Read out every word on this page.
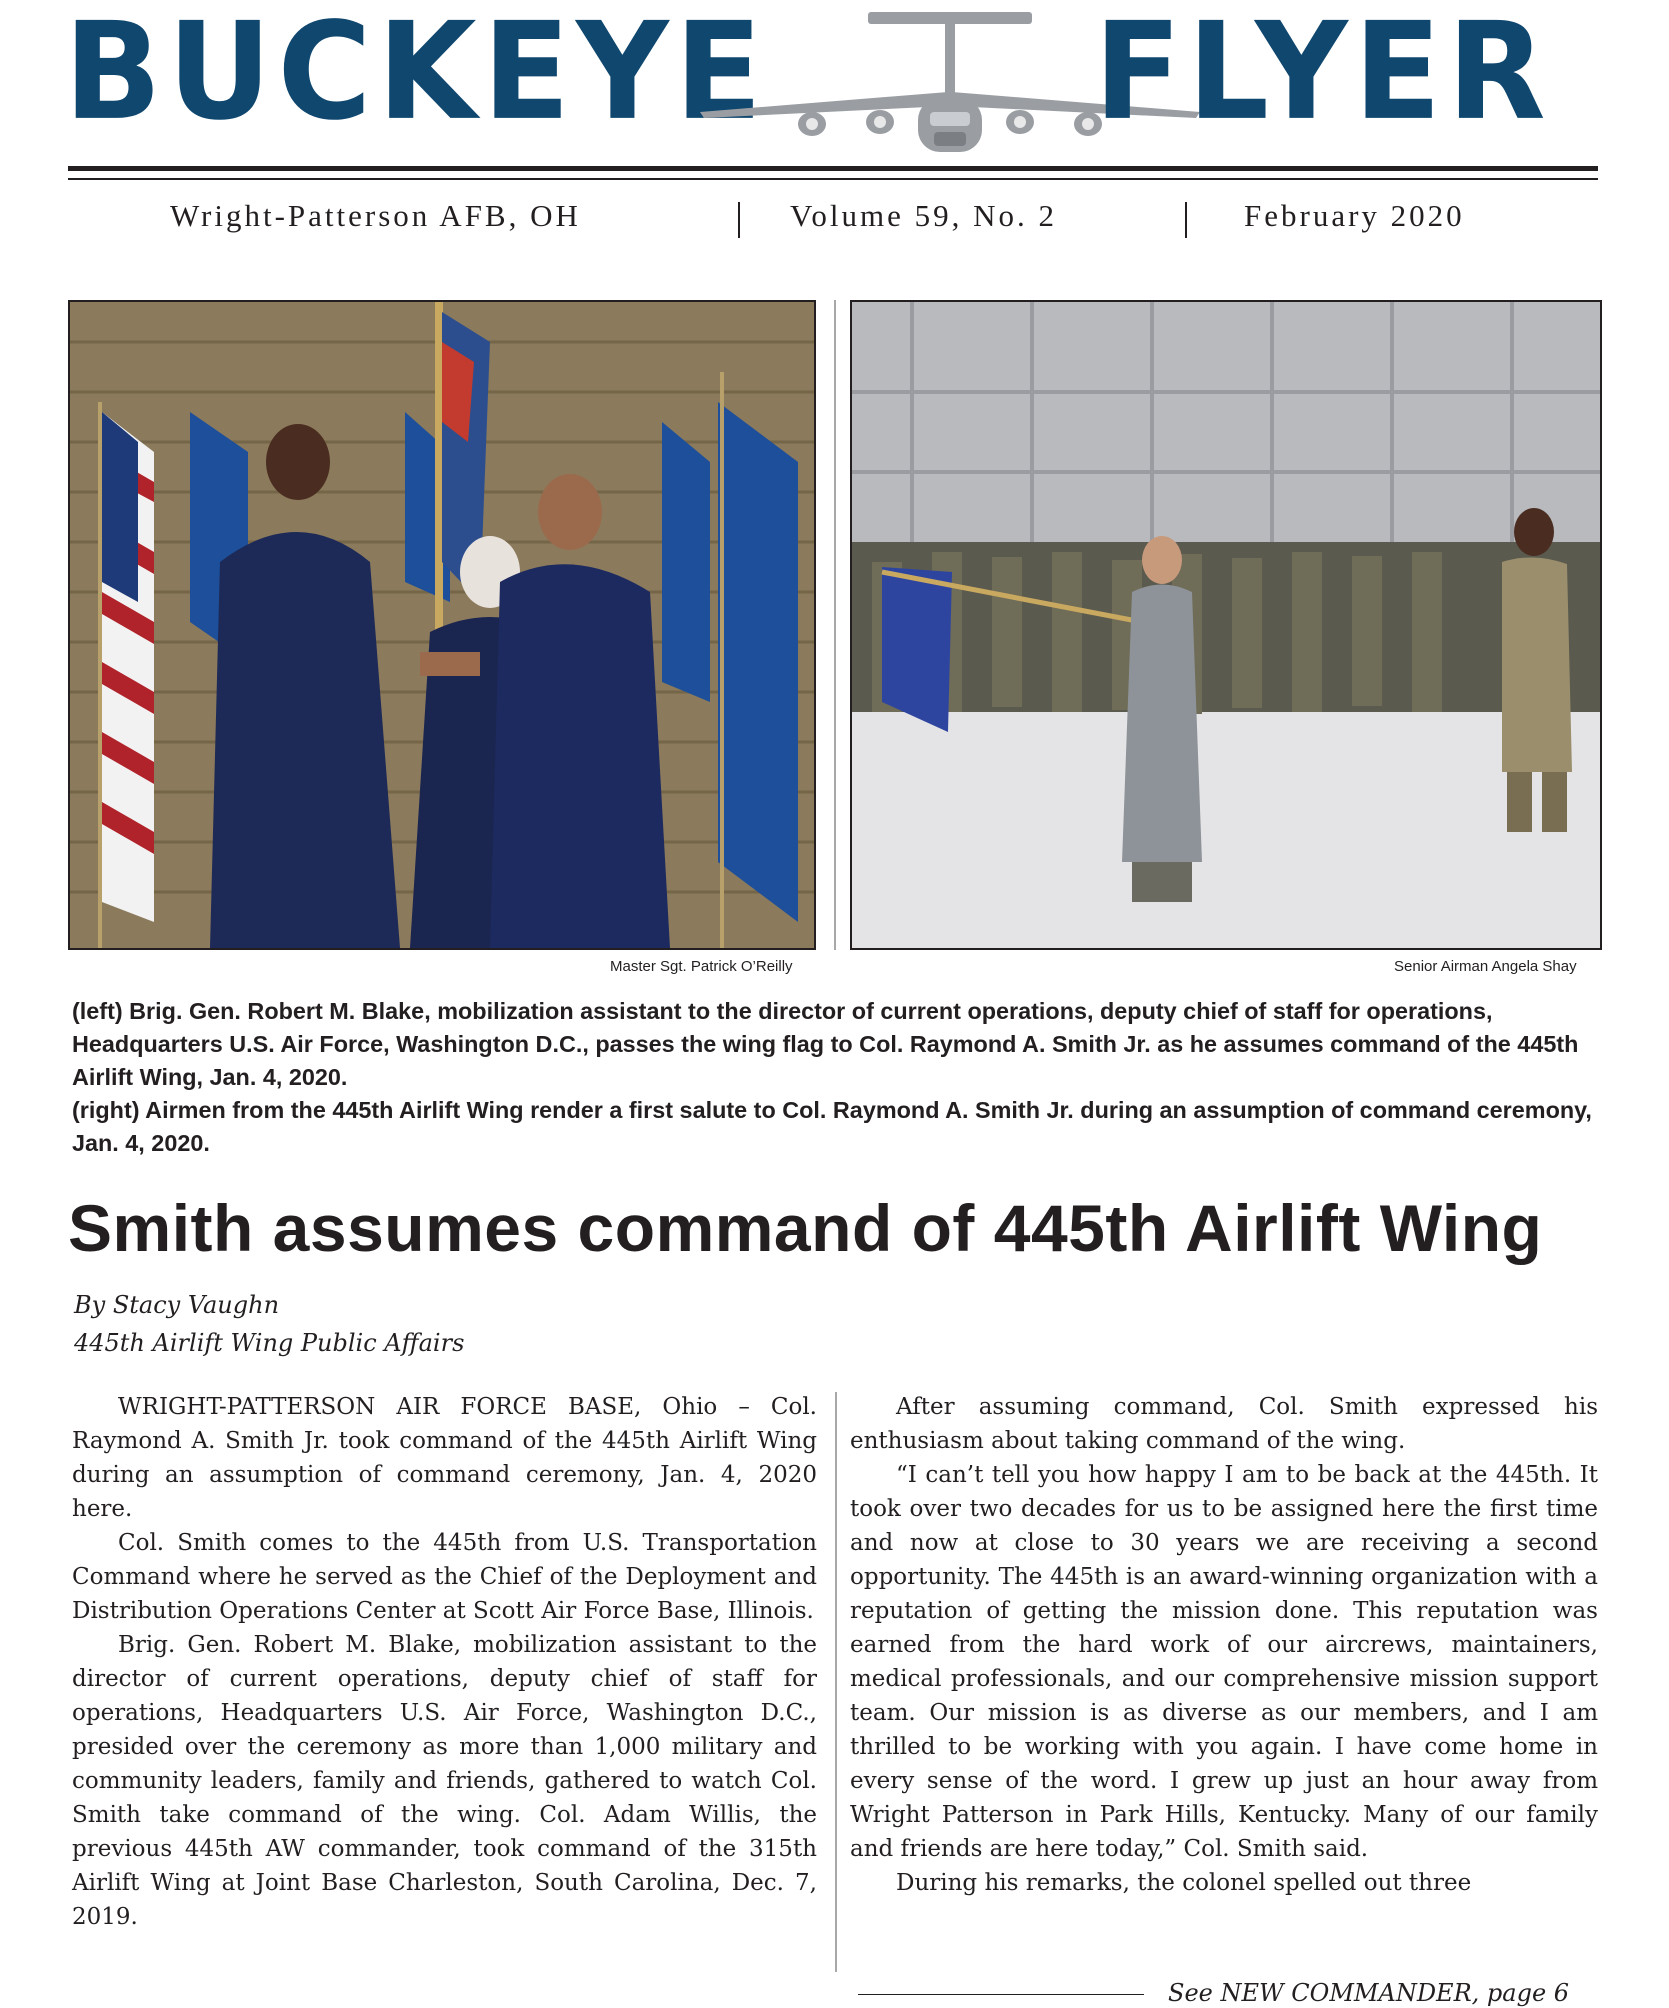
BUCKEYE	FLYER
Wright-Patterson AFB, OH	Volume 59, No. 2	February 2020
Master Sgt. Patrick O’Reilly	Senior Airman Angela Shay

(left) Brig. Gen. Robert M. Blake, mobilization assistant to the director of current operations, deputy chief of staff for operations, Headquarters U.S. Air Force, Washington D.C., passes the wing flag to Col. Raymond A. Smith Jr. as he assumes command of the 445th Airlift Wing, Jan. 4, 2020.

(right) Airmen from the 445th Airlift Wing render a first salute to Col. Raymond A. Smith Jr. during an assumption of command ceremony, Jan. 4, 2020.

Smith assumes command of 445th Airlift Wing
By Stacy Vaughn
445th Airlift Wing Public Affairs

WRIGHT-PATTERSON AIR FORCE BASE, Ohio – Col. Raymond A. Smith Jr. took command of the 445th Airlift Wing during an assumption of command ceremony, Jan. 4, 2020 here.

Col. Smith comes to the 445th from U.S. Transportation Command where he served as the Chief of the Deployment and Distribution Operations Center at Scott Air Force Base, Illinois.

Brig. Gen. Robert M. Blake, mobilization assistant to the director of current operations, deputy chief of staff for operations, Headquarters U.S. Air Force, Washington D.C., presided over the ceremony as more than 1,000 military and community leaders, family and friends, gathered to watch Col. Smith take command of the wing. Col. Adam Willis, the previous 445th AW commander, took command of the 315th Airlift Wing at Joint Base Charleston, South Carolina, Dec. 7, 2019.

After assuming command, Col. Smith expressed his enthusiasm about taking command of the wing.

“I can’t tell you how happy I am to be back at the 445th. It took over two decades for us to be assigned here the first time and now at close to 30 years we are receiving a second opportunity. The 445th is an award-winning organization with a reputation of getting the mission done. This reputation was earned from the hard work of our aircrews, maintainers, medical professionals, and our comprehensive mission support team. Our mission is as diverse as our members, and I am thrilled to be working with you again. I have come home in every sense of the word. I grew up just an hour away from Wright Patterson in Park Hills, Kentucky. Many of our family and friends are here today,” Col. Smith said.

During his remarks, the colonel spelled out three

See NEW COMMANDER, page 6
